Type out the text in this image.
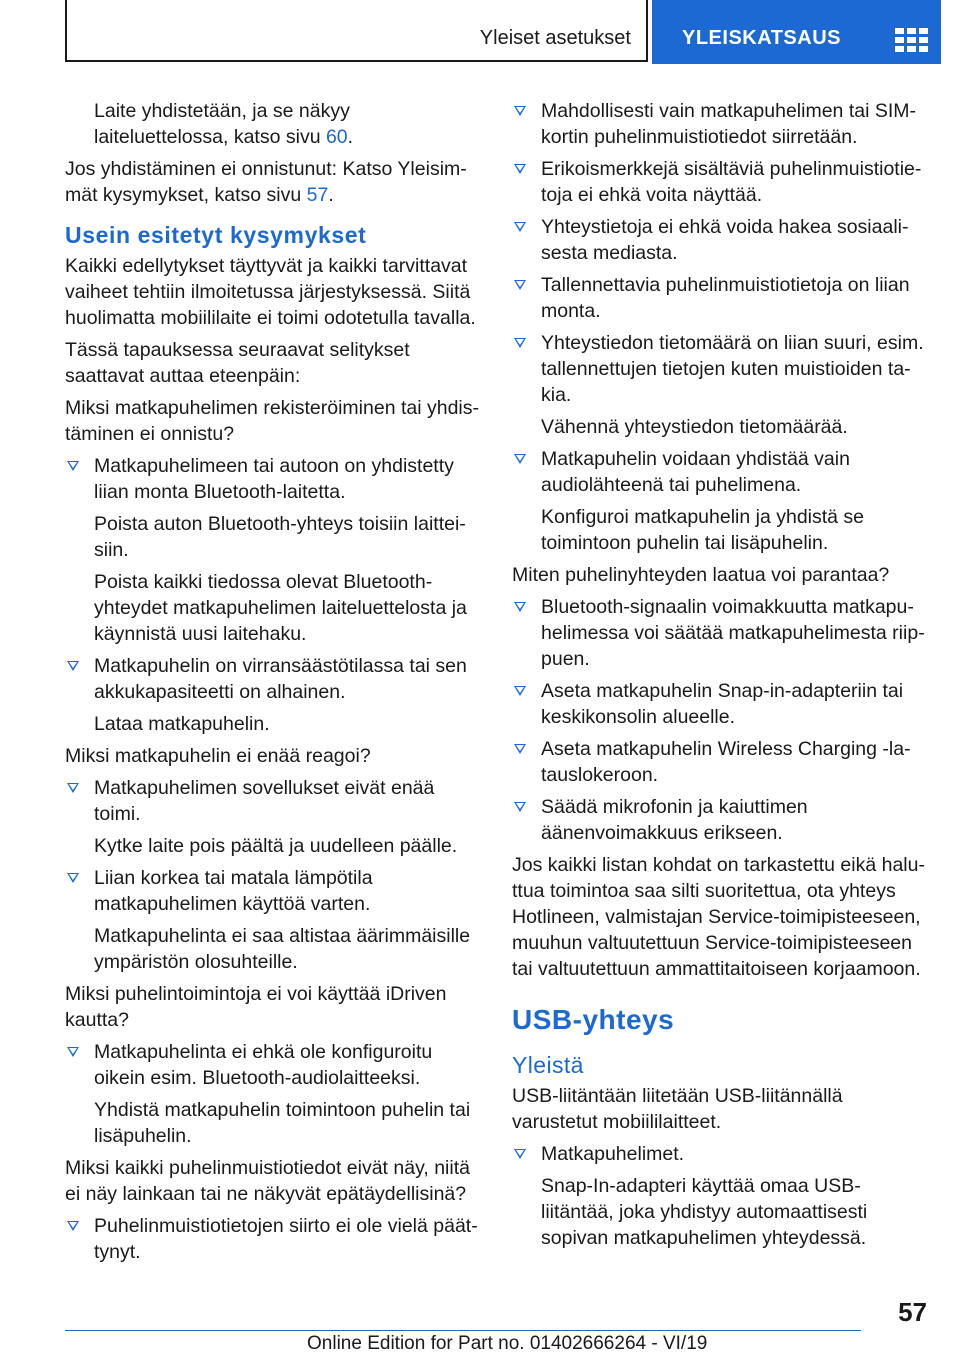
Yleiset asetukset	YLEISKATSAUS

Laite yhdistetään, ja se näkyy laiteluettelossa, katso sivu 60.

Jos yhdistäminen ei onnistunut: Katso Yleisimmät kysymykset, katso sivu 57.

Usein esitetyt kysymykset

Kaikki edellytykset täyttyvät ja kaikki tarvittavat vaiheet tehtiin ilmoitetussa järjestyksessä. Siitä huolimatta mobiililaite ei toimi odotetulla tavalla.

Tässä tapauksessa seuraavat selitykset saattavat auttaa eteenpäin:

Miksi matkapuhelimen rekisteröiminen tai yhdistäminen ei onnistu?

Matkapuhelimeen tai autoon on yhdistetty liian monta Bluetooth-laitetta.

Poista auton Bluetooth-yhteys toisiin laitteisiin.

Poista kaikki tiedossa olevat Bluetooth-yhteydet matkapuhelimen laiteluettelosta ja käynnistä uusi laitehaku.

Matkapuhelin on virransäästötilassa tai sen akkukapasiteetti on alhainen.

Lataa matkapuhelin.

Miksi matkapuhelin ei enää reagoi?

Matkapuhelimen sovellukset eivät enää toimi.

Kytke laite pois päältä ja uudelleen päälle.

Liian korkea tai matala lämpötila matkapuhelimen käyttöä varten.

Matkapuhelinta ei saa altistaa äärimmäisille ympäristön olosuhteille.

Miksi puhelintoimintoja ei voi käyttää iDriven kautta?

Matkapuhelinta ei ehkä ole konfiguroitu oikein esim. Bluetooth-audiolaitteeksi.

Yhdistä matkapuhelin toimintoon puhelin tai lisäpuhelin.

Miksi kaikki puhelinmuistiotiedot eivät näy, niitä ei näy lainkaan tai ne näkyvät epätäydellisinä?

Puhelinmuistiotietojen siirto ei ole vielä päättynyt.

Mahdollisesti vain matkapuhelimen tai SIM-kortin puhelinmuistiotiedot siirretään.

Erikoismerkkejä sisältäviä puhelinmuistiotietoja ei ehkä voita näyttää.

Yhteystietoja ei ehkä voida hakea sosiaalisesta mediasta.

Tallennettavia puhelinmuistiotietoja on liian monta.

Yhteystiedon tietomäärä on liian suuri, esim. tallennettujen tietojen kuten muistioiden takia.

Vähennä yhteystiedon tietomäärää.

Matkapuhelin voidaan yhdistää vain audiolähteenä tai puhelimena.

Konfiguroi matkapuhelin ja yhdistä se toimintoon puhelin tai lisäpuhelin.

Miten puhelinyhteyden laatua voi parantaa?

Bluetooth-signaalin voimakkuutta matkapuhelimessa voi säätää matkapuhelimesta riippuen.

Aseta matkapuhelin Snap-in-adapteriin tai keskikonsolin alueelle.

Aseta matkapuhelin Wireless Charging -latauslokeroon.

Säädä mikrofonin ja kaiuttimen äänenvoimakkuus erikseen.

Jos kaikki listan kohdat on tarkastettu eikä haluttua toimintoa saa silti suoritettua, ota yhteys Hotlineen, valmistajan Service-toimipisteeseen, muuhun valtuutettuun Service-toimipisteeseen tai valtuutettuun ammattitaitoiseen korjaamoon.

USB-yhteys
Yleistä

USB-liitäntään liitetään USB-liitännällä varustetut mobiililaitteet.

Matkapuhelimet.

Snap-In-adapteri käyttää omaa USB-liitäntää, joka yhdistyy automaattisesti sopivan matkapuhelimen yhteydessä.

57
Online Edition for Part no. 01402666264 - VI/19
